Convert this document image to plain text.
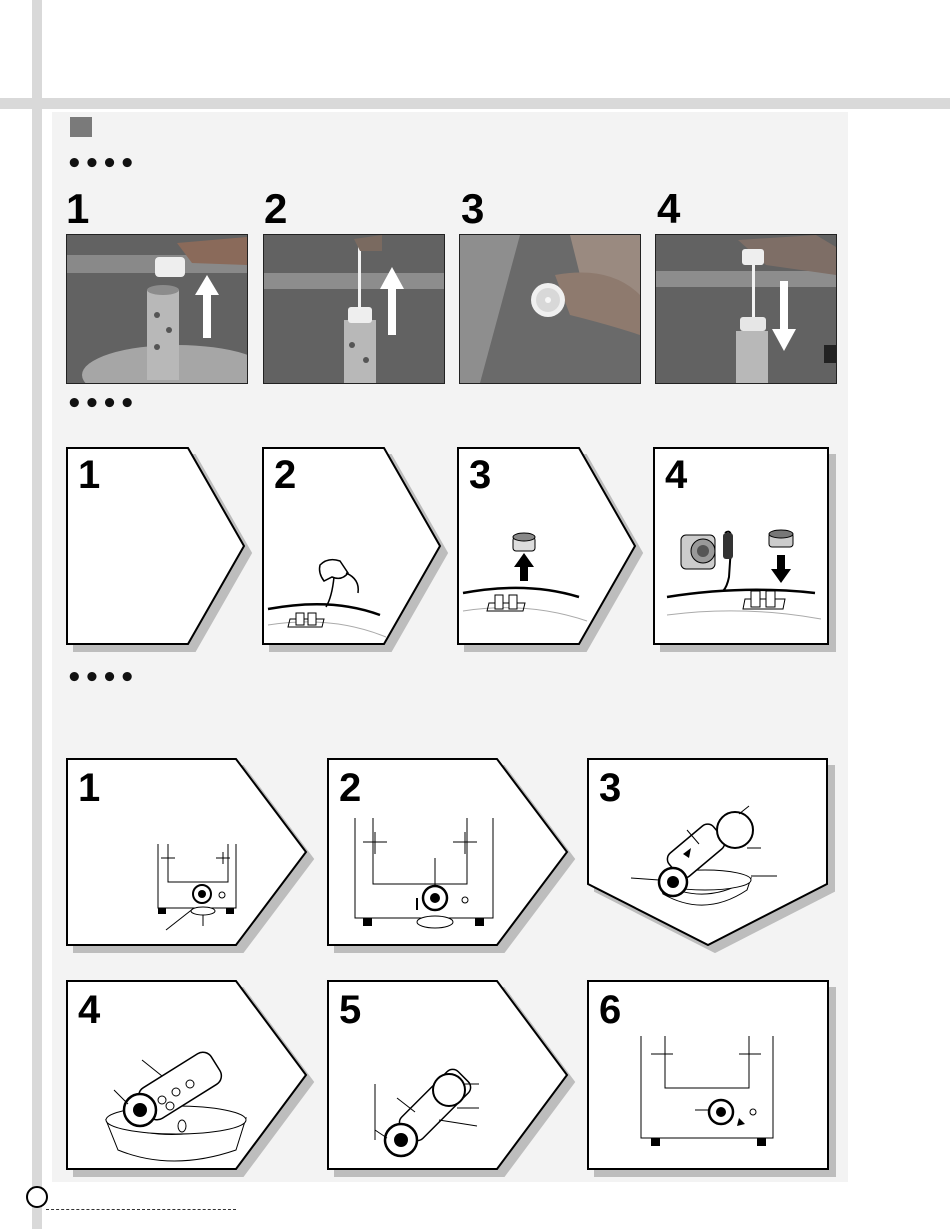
••••
1	2	3	4
••••
1	2	3	4
••••
1	2	3
4	5	6
